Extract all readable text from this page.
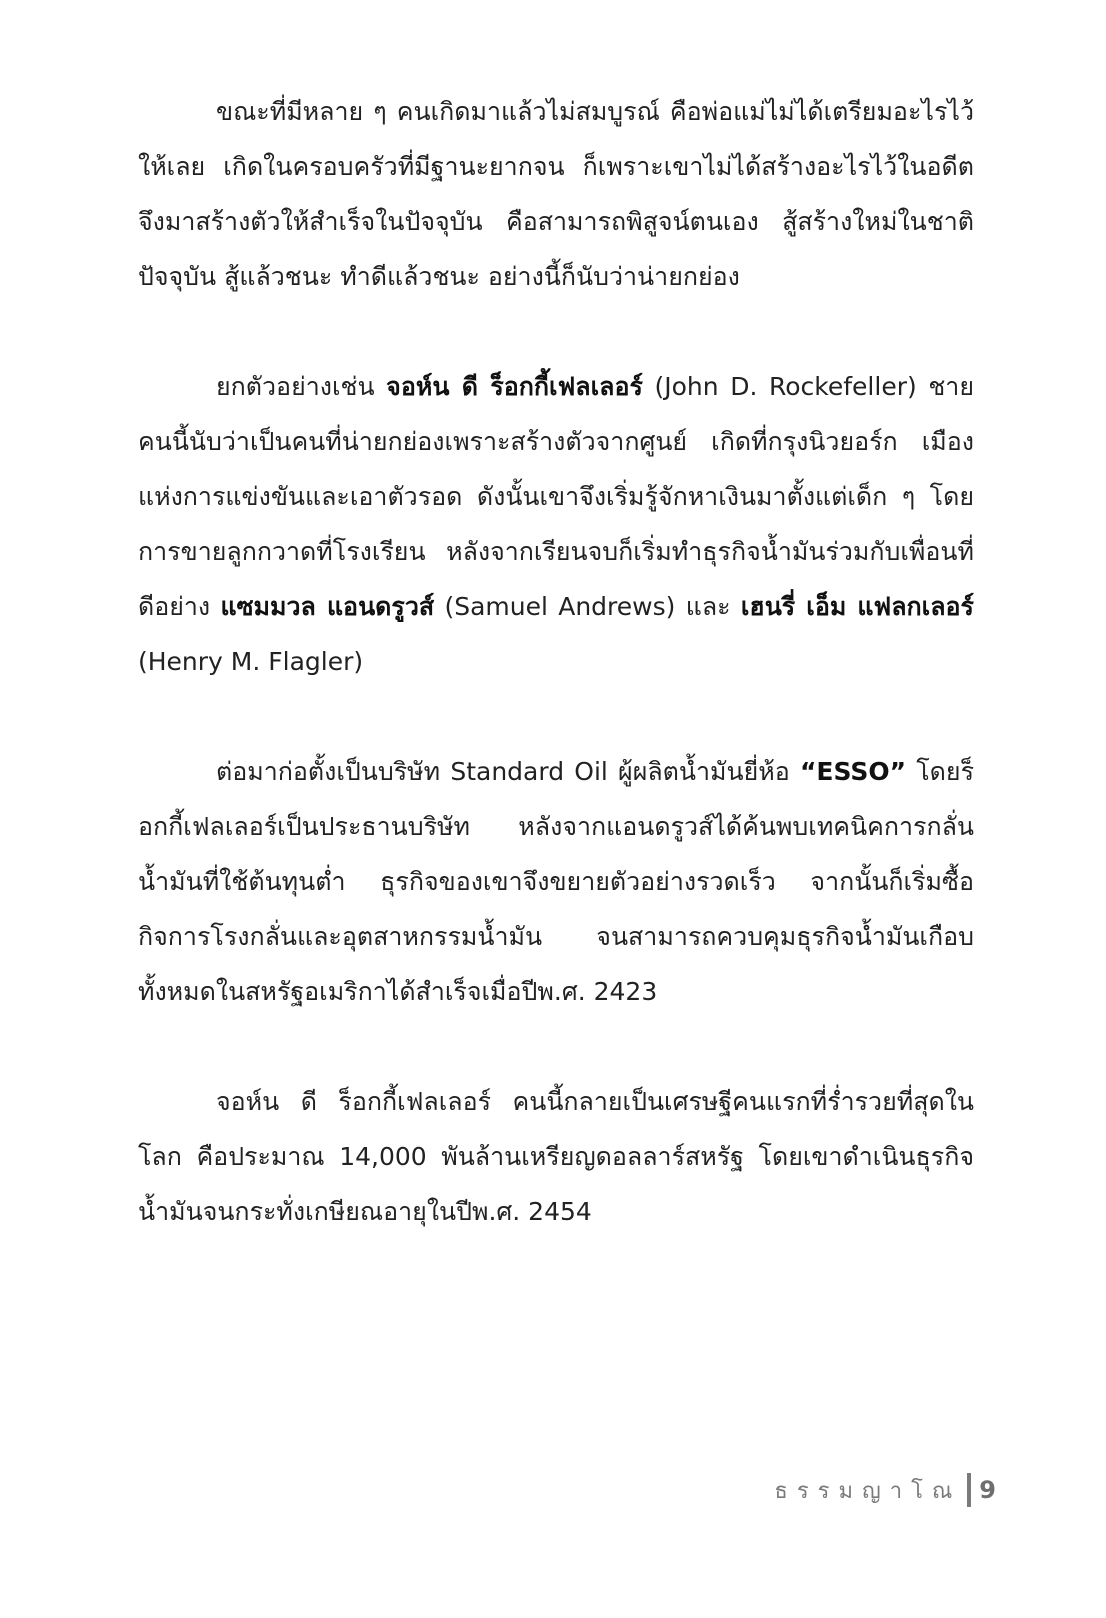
ขณะที่มีหลาย ๆ คนเกิดมาแล้วไม่สมบูรณ์ คือพ่อแม่ไม่ได้เตรียมอะไรไว้ให้เลย เกิดในครอบครัวที่มีฐานะยากจน ก็เพราะเขาไม่ได้สร้างอะไรไว้ในอดีตจึงมาสร้างตัวให้สำเร็จในปัจจุบัน คือสามารถพิสูจน์ตนเอง สู้สร้างใหม่ในชาติปัจจุบัน สู้แล้วชนะ ทำดีแล้วชนะ อย่างนี้ก็นับว่าน่ายกย่อง

ยกตัวอย่างเช่น จอห์น ดี ร็อกกี้เฟลเลอร์ (John D. Rockefeller) ชายคนนี้นับว่าเป็นคนที่น่ายกย่องเพราะสร้างตัวจากศูนย์ เกิดที่กรุงนิวยอร์ก เมืองแห่งการแข่งขันและเอาตัวรอด ดังนั้นเขาจึงเริ่มรู้จักหาเงินมาตั้งแต่เด็ก ๆ โดยการขายลูกกวาดที่โรงเรียน หลังจากเรียนจบก็เริ่มทำธุรกิจน้ำมันร่วมกับเพื่อนที่ดีอย่าง แซมมวล แอนดรูวส์ (Samuel Andrews) และ เฮนรี่ เอ็ม แฟลกเลอร์ (Henry M. Flagler)

ต่อมาก่อตั้งเป็นบริษัท Standard Oil ผู้ผลิตน้ำมันยี่ห้อ “ESSO” โดยร็อกกี้เฟลเลอร์เป็นประธานบริษัท หลังจากแอนดรูวส์ได้ค้นพบเทคนิคการกลั่นน้ำมันที่ใช้ต้นทุนต่ำ ธุรกิจของเขาจึงขยายตัวอย่างรวดเร็ว จากนั้นก็เริ่มซื้อกิจการโรงกลั่นและอุตสาหกรรมน้ำมัน จนสามารถควบคุมธุรกิจน้ำมันเกือบทั้งหมดในสหรัฐอเมริกาได้สำเร็จเมื่อปีพ.ศ. 2423

จอห์น ดี ร็อกกี้เฟลเลอร์ คนนี้กลายเป็นเศรษฐีคนแรกที่ร่ำรวยที่สุดในโลก คือประมาณ 14,000 พันล้านเหรียญดอลลาร์สหรัฐ โดยเขาดำเนินธุรกิจน้ำมันจนกระทั่งเกษียณอายุในปีพ.ศ. 2454

ธรรมญาโณ 9
